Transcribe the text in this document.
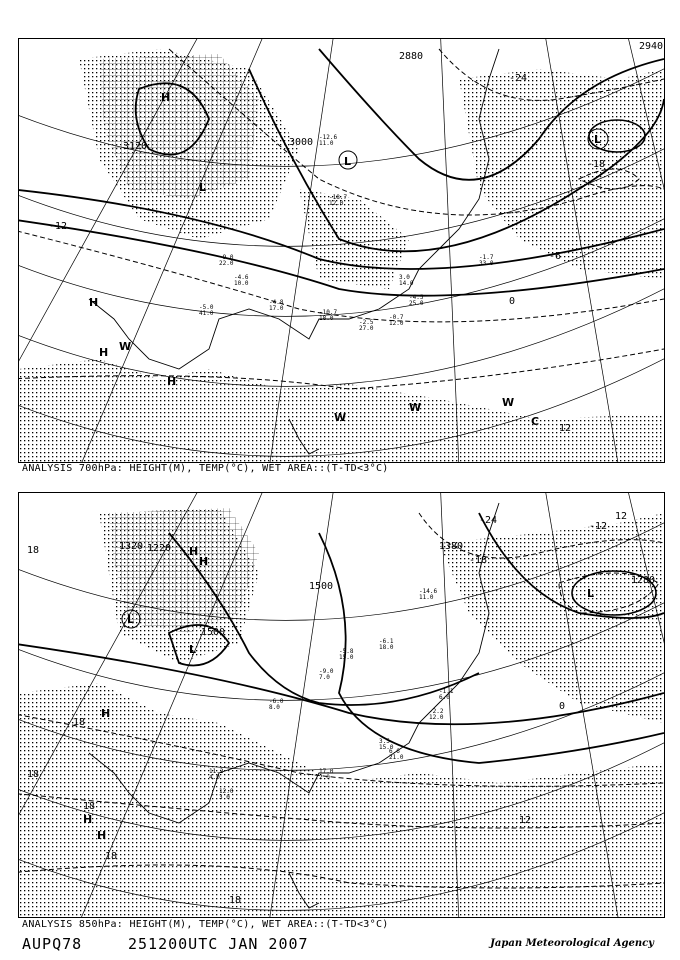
3000
3120
2880
2940
-12
-18
-24
-6
0
12
H
H
H
H
L
L
L
W
W
W	W
C
-12.6
11.0
-18.7
12.0
-9.0
22.0
-4.6
10.0
-5.0
41.0
-4.8
17.0
-10.7
18.0
3.0
14.0
-4.5
25.0
-1.7
33.0
-2.5
27.0
-0.7
12.0
ANALYSIS 700hPa: HEIGHT(M), TEMP(°C), WET AREA::(T-TD<3°C)
1500
1500
1380
1320 1220
1280
18
18
18
18
18
18
12
-12
-18
-24
0
12
H
H
H
H
L
L
L
H
-14.6
11.0
-6.1
18.0
-9.0
7.0
-5.8
15.0
-6.0
8.0
-2.2
12.0
-1.1
6.0
3.5
15.0
11.2
4.0
12.0
3.0
17.0
2.0
6.6
21.0
ANALYSIS 850hPa: HEIGHT(M), TEMP(°C), WET AREA::(T-TD<3°C)
AUPQ78	251200UTC JAN 2007	Japan Meteorological Agency
